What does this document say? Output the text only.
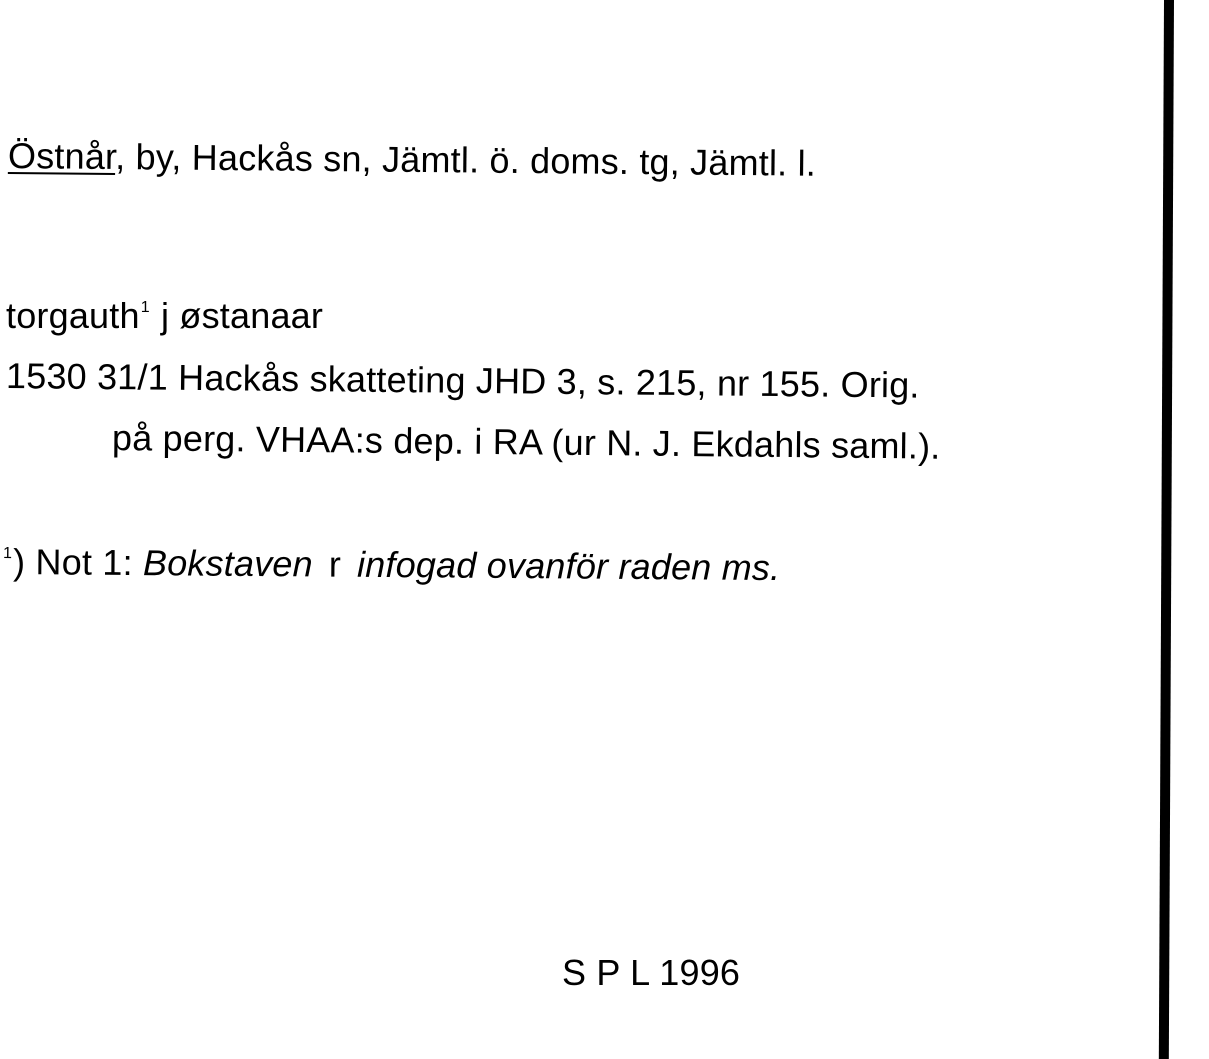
Östnår, by, Hackås sn, Jämtl. ö. doms. tg, Jämtl. l.
torgauth$^1$ j østanaar
1530 31/1 Hackås skatteting JHD 3, s. 215, nr 155. Orig.
på perg. VHAA:s dep. i RA (ur N. J. Ekdahls saml.).
$^1$) Not 1: Bokstaven r infogad ovanför raden ms.
S P L 1996
